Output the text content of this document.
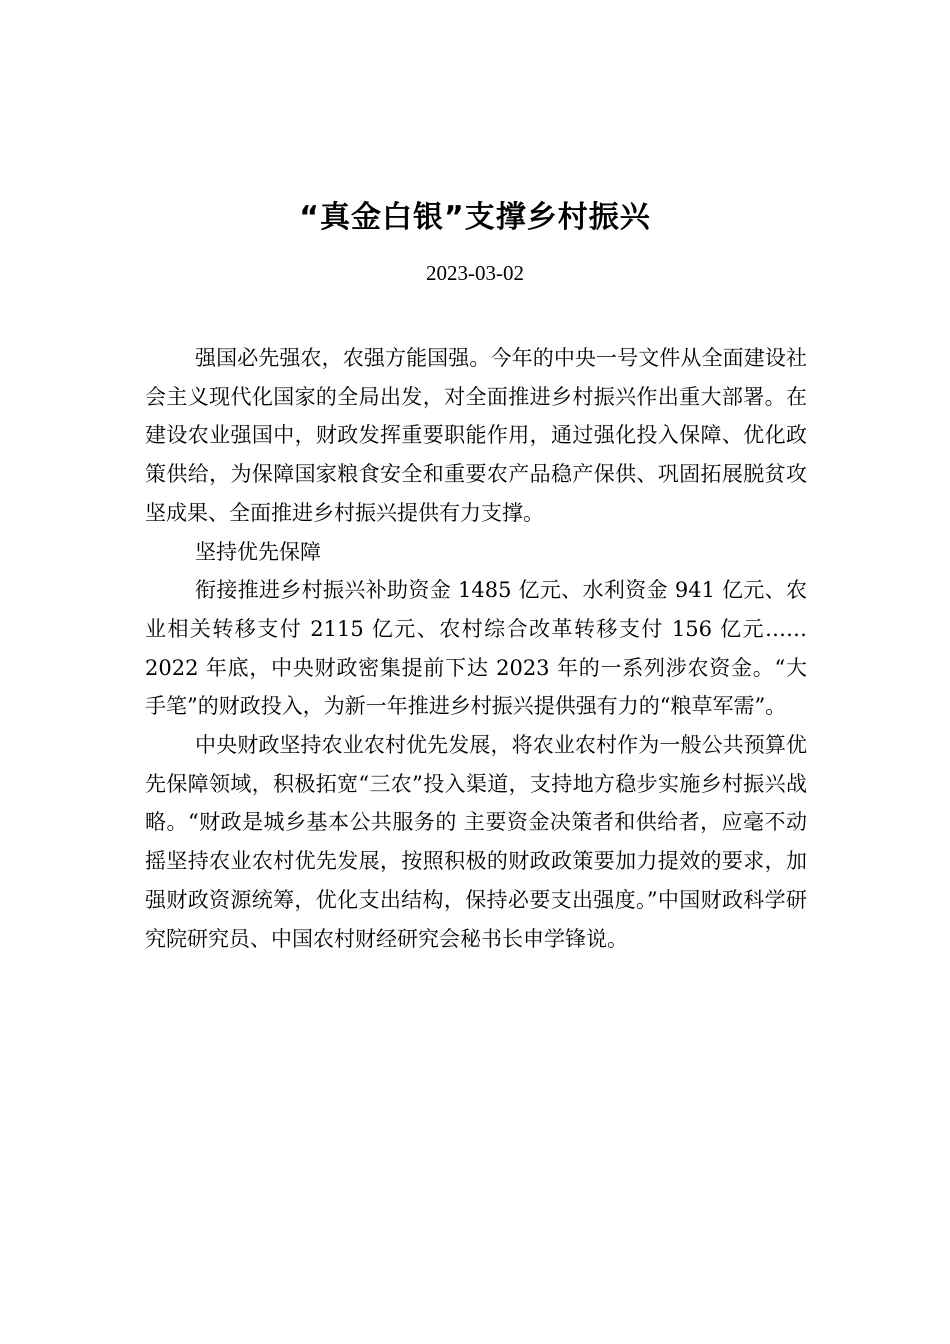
“真金白银”支撑乡村振兴
2023-03-02

强国必先强农，农强方能国强。今年的中央一号文件从全面建设社会主义现代化国家的全局出发，对全面推进乡村振兴作出重大部署。在建设农业强国中，财政发挥重要职能作用，通过强化投入保障、优化政策供给，为保障国家粮食安全和重要农产品稳产保供、巩固拓展脱贫攻坚成果、全面推进乡村振兴提供有力支撑。

坚持优先保障

衔接推进乡村振兴补助资金 1485 亿元、水利资金 941 亿元、农业相关转移支付 2115 亿元、农村综合改革转移支付 156 亿元……2022 年底，中央财政密集提前下达 2023 年的一系列涉农资金。“大手笔”的财政投入，为新一年推进乡村振兴提供强有力的“粮草军需”。

中央财政坚持农业农村优先发展，将农业农村作为一般公共预算优先保障领域，积极拓宽“三农”投入渠道，支持地方稳步实施乡村振兴战略。“财政是城乡基本公共服务的 主要资金决策者和供给者，应毫不动摇坚持农业农村优先发展，按照积极的财政政策要加力提效的要求，加强财政资源统筹，优化支出结构，保持必要支出强度。”中国财政科学研 究院研究员、中国农村财经研究会秘书长申学锋说。
